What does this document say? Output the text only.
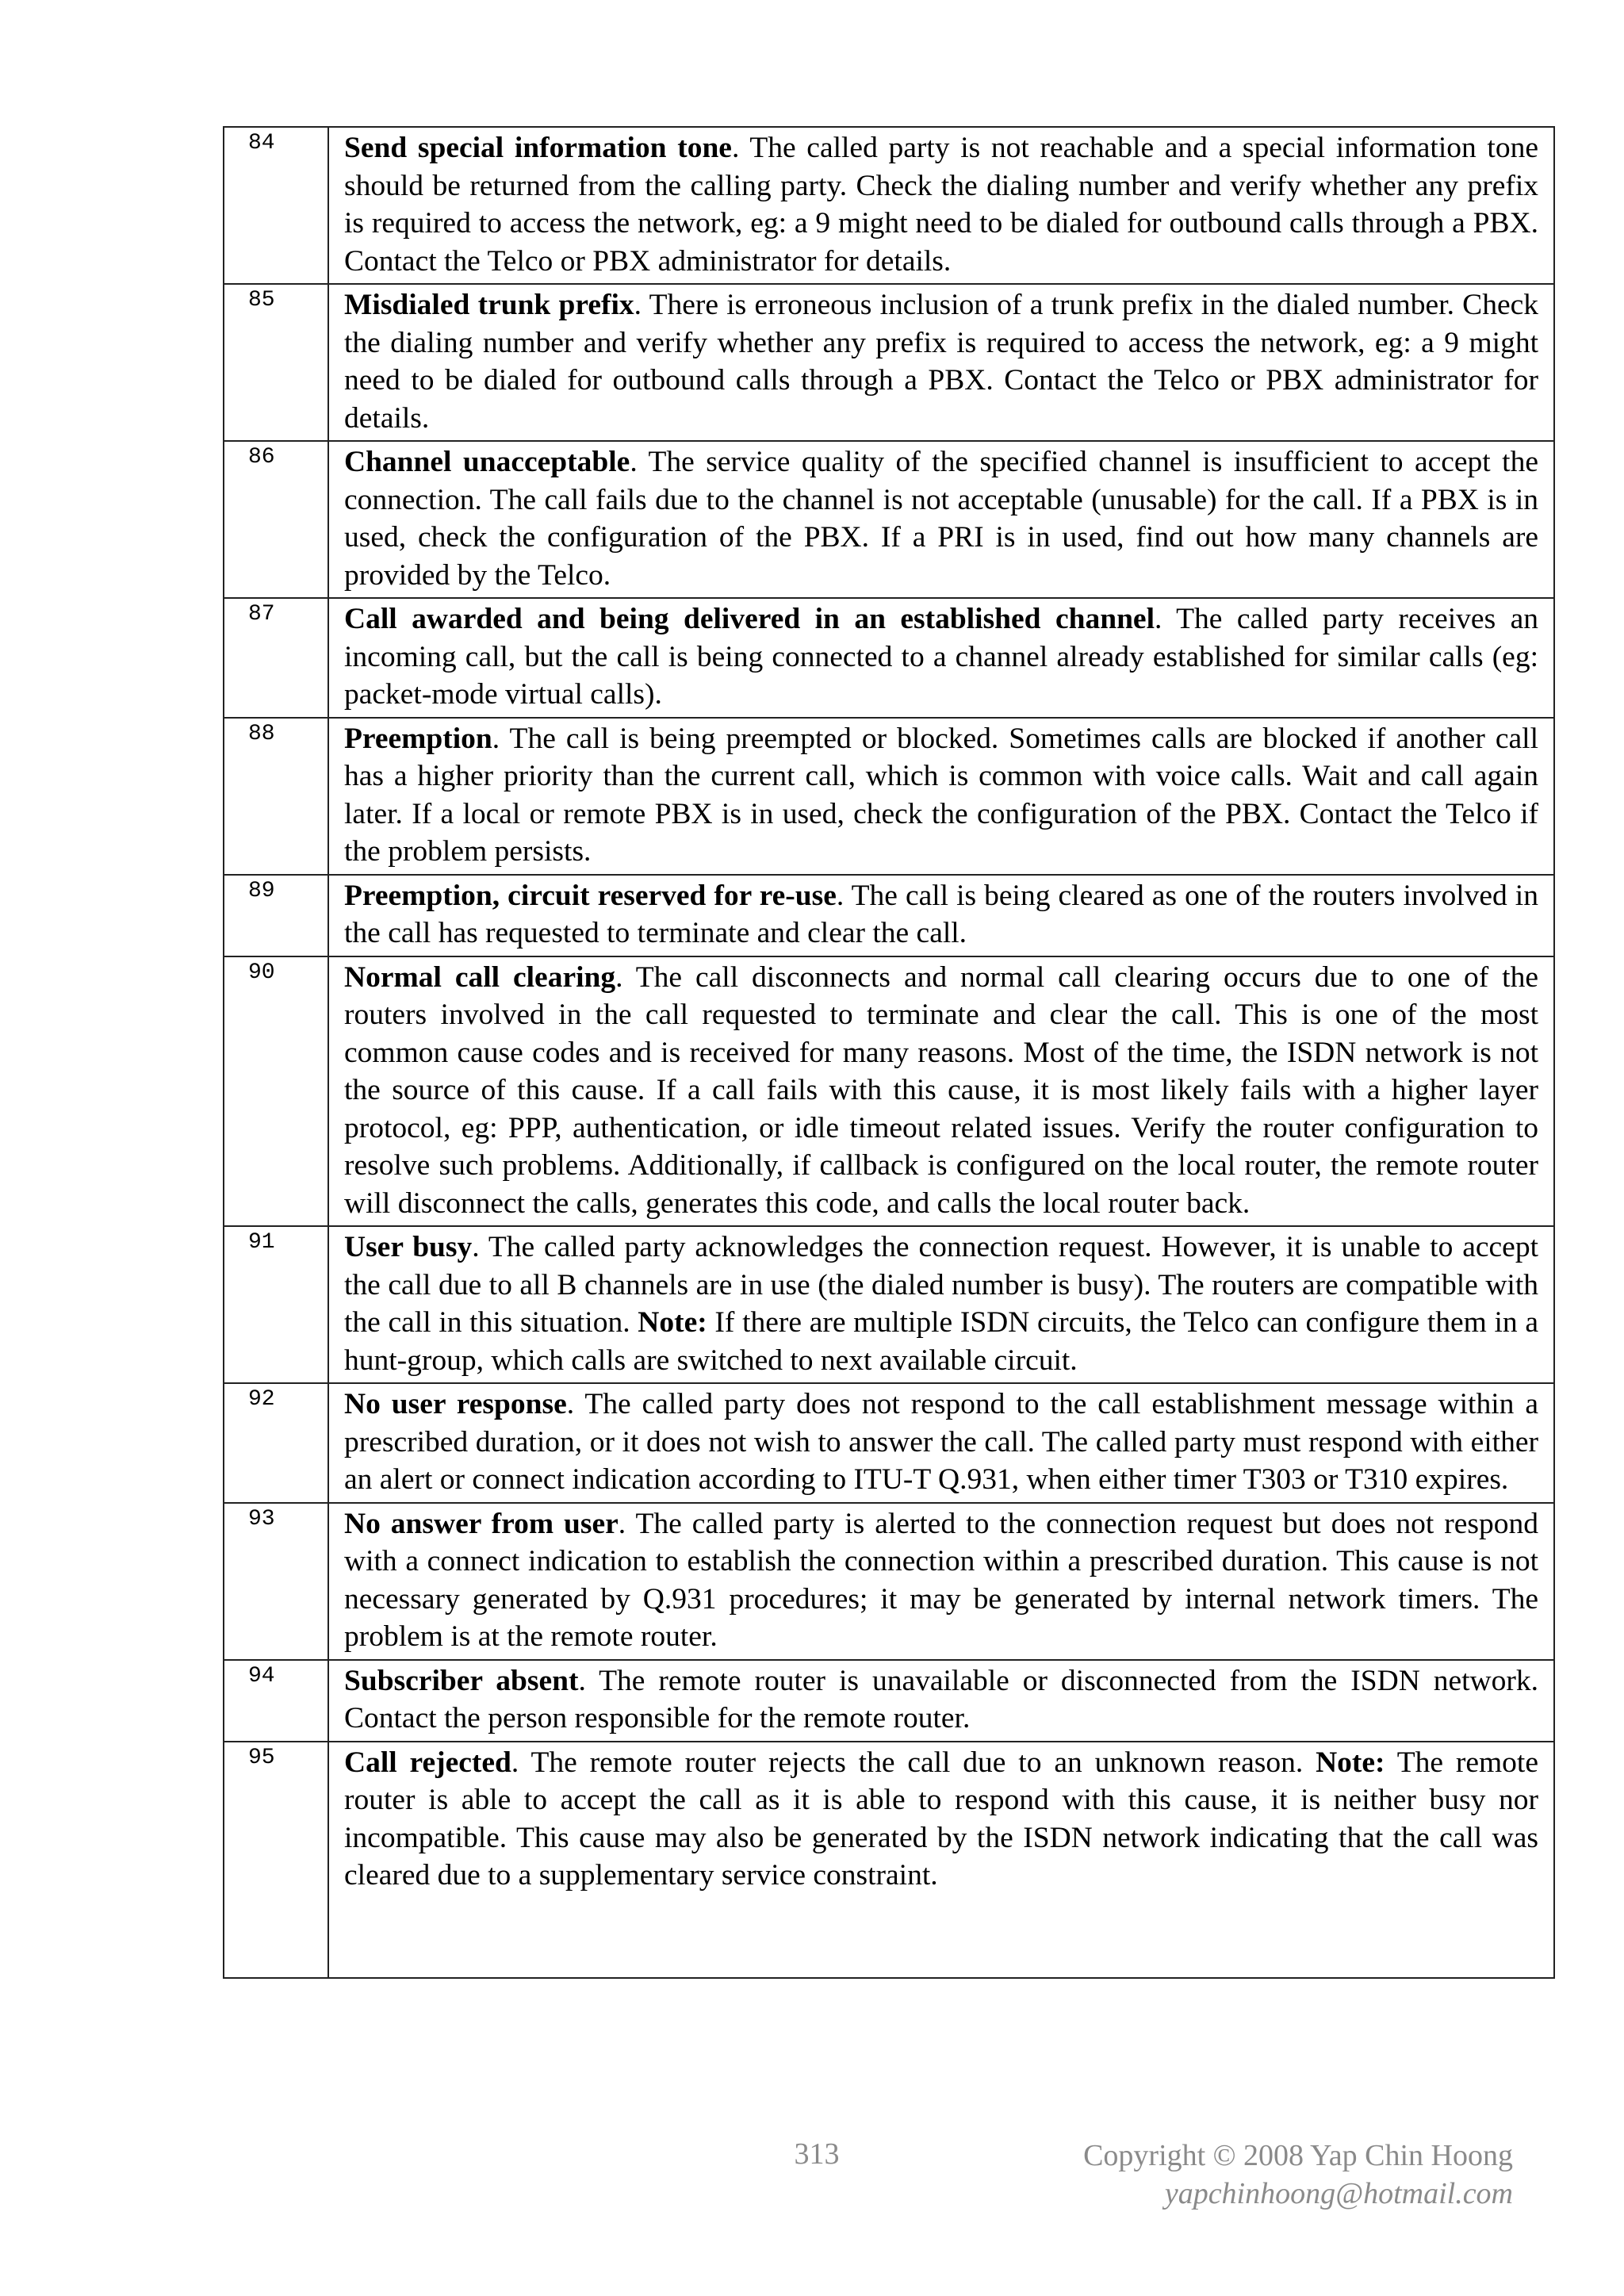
84	Send special information tone. The called party is not reachable and a special information tone should be returned from the calling party. Check the dialing number and verify whether any prefix is required to access the network, eg: a 9 might need to be dialed for outbound calls through a PBX. Contact the Telco or PBX administrator for details.
85	Misdialed trunk prefix. There is erroneous inclusion of a trunk prefix in the dialed number. Check the dialing number and verify whether any prefix is required to access the network, eg: a 9 might need to be dialed for outbound calls through a PBX. Contact the Telco or PBX administrator for details.
86	Channel unacceptable. The service quality of the specified channel is insufficient to accept the connection. The call fails due to the channel is not acceptable (unusable) for the call. If a PBX is in used, check the configuration of the PBX. If a PRI is in used, find out how many channels are provided by the Telco.
87	Call awarded and being delivered in an established channel. The called party receives an incoming call, but the call is being connected to a channel already established for similar calls (eg: packet-mode virtual calls).
88	Preemption. The call is being preempted or blocked. Sometimes calls are blocked if another call has a higher priority than the current call, which is common with voice calls. Wait and call again later. If a local or remote PBX is in used, check the configuration of the PBX. Contact the Telco if the problem persists.
89	Preemption, circuit reserved for re-use. The call is being cleared as one of the routers involved in the call has requested to terminate and clear the call.
90	Normal call clearing. The call disconnects and normal call clearing occurs due to one of the routers involved in the call requested to terminate and clear the call. This is one of the most common cause codes and is received for many reasons. Most of the time, the ISDN network is not the source of this cause. If a call fails with this cause, it is most likely fails with a higher layer protocol, eg: PPP, authentication, or idle timeout related issues. Verify the router configuration to resolve such problems. Additionally, if callback is configured on the local router, the remote router will disconnect the calls, generates this code, and calls the local router back.
91	User busy. The called party acknowledges the connection request. However, it is unable to accept the call due to all B channels are in use (the dialed number is busy). The routers are compatible with the call in this situation. Note: If there are multiple ISDN circuits, the Telco can configure them in a hunt-group, which calls are switched to next available circuit.
92	No user response. The called party does not respond to the call establishment message within a prescribed duration, or it does not wish to answer the call. The called party must respond with either an alert or connect indication according to ITU-T Q.931, when either timer T303 or T310 expires.
93	No answer from user. The called party is alerted to the connection request but does not respond with a connect indication to establish the connection within a prescribed duration. This cause is not necessary generated by Q.931 procedures; it may be generated by internal network timers. The problem is at the remote router.
94	Subscriber absent. The remote router is unavailable or disconnected from the ISDN network. Contact the person responsible for the remote router.
95	Call rejected. The remote router rejects the call due to an unknown reason. Note: The remote router is able to accept the call as it is able to respond with this cause, it is neither busy nor incompatible. This cause may also be generated by the ISDN network indicating that the call was cleared due to a supplementary service constraint.
313	Copyright © 2008 Yap Chin Hoong
yapchinhoong@hotmail.com
